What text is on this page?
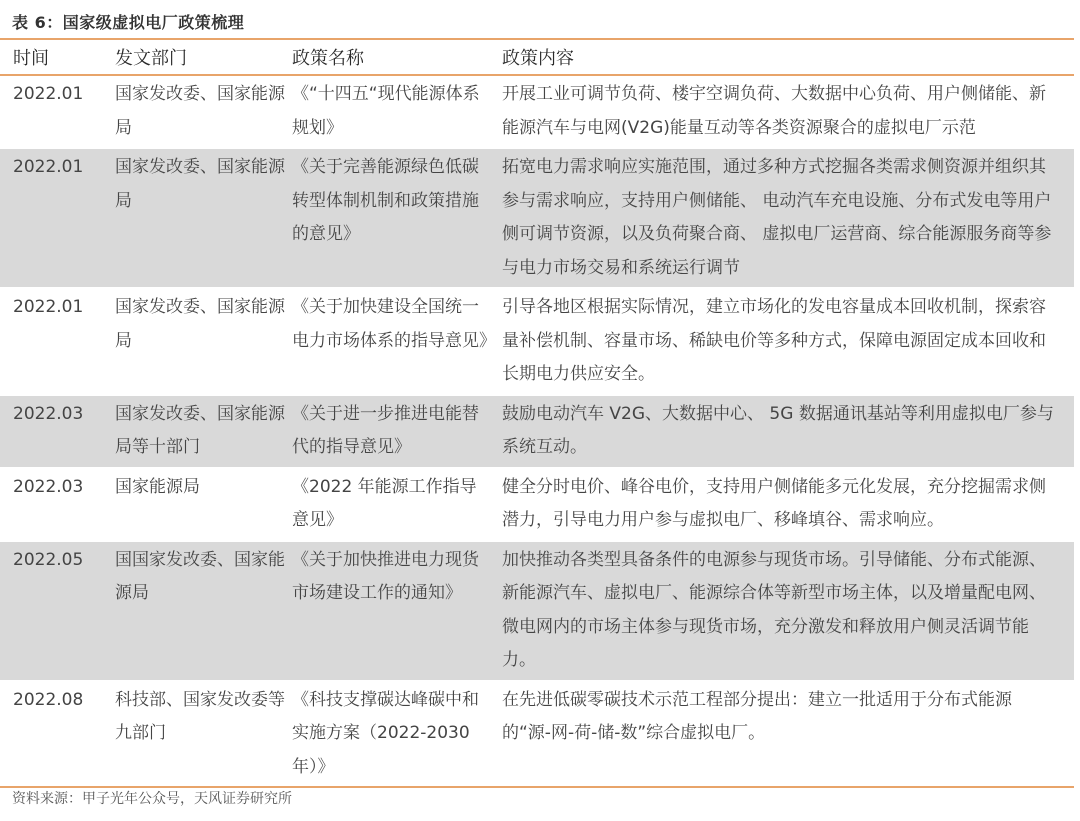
表 6：国家级虚拟电厂政策梳理
时间	发文部门	政策名称	政策内容
2022.01	国家发改委、国家能源局	《“十四五“现代能源体系规划》	开展工业可调节负荷、楼宇空调负荷、大数据中心负荷、用户侧储能、新能源汽车与电网(V2G)能量互动等各类资源聚合的虚拟电厂示范
2022.01	国家发改委、国家能源局	《关于完善能源绿色低碳转型体制机制和政策措施的意见》	拓宽电力需求响应实施范围，通过多种方式挖掘各类需求侧资源并组织其参与需求响应，支持用户侧储能、 电动汽车充电设施、分布式发电等用户侧可调节资源，以及负荷聚合商、 虚拟电厂运营商、综合能源服务商等参与电力市场交易和系统运行调节
2022.01	国家发改委、国家能源局	《关于加快建设全国统一电力市场体系的指导意见》	引导各地区根据实际情况，建立市场化的发电容量成本回收机制，探索容量补偿机制、容量市场、稀缺电价等多种方式，保障电源固定成本回收和长期电力供应安全。
2022.03	国家发改委、国家能源局等十部门	《关于进一步推进电能替代的指导意见》	鼓励电动汽车 V2G、大数据中心、 5G 数据通讯基站等利用虚拟电厂参与系统互动。
2022.03	国家能源局	《2022 年能源工作指导意见》	健全分时电价、峰谷电价，支持用户侧储能多元化发展，充分挖掘需求侧潜力，引导电力用户参与虚拟电厂、移峰填谷、需求响应。
2022.05	国国家发改委、国家能源局	《关于加快推进电力现货市场建设工作的通知》	加快推动各类型具备条件的电源参与现货市场。引导储能、分布式能源、 新能源汽车、虚拟电厂、能源综合体等新型市场主体，以及增量配电网、微电网内的市场主体参与现货市场，充分激发和释放用户侧灵活调节能力。
2022.08	科技部、国家发改委等九部门	《科技支撑碳达峰碳中和实施方案（2022-2030 年）》	在先进低碳零碳技术示范工程部分提出：建立一批适用于分布式能源的“源-网-荷-储-数”综合虚拟电厂。
资料来源：甲子光年公众号，天风证券研究所
